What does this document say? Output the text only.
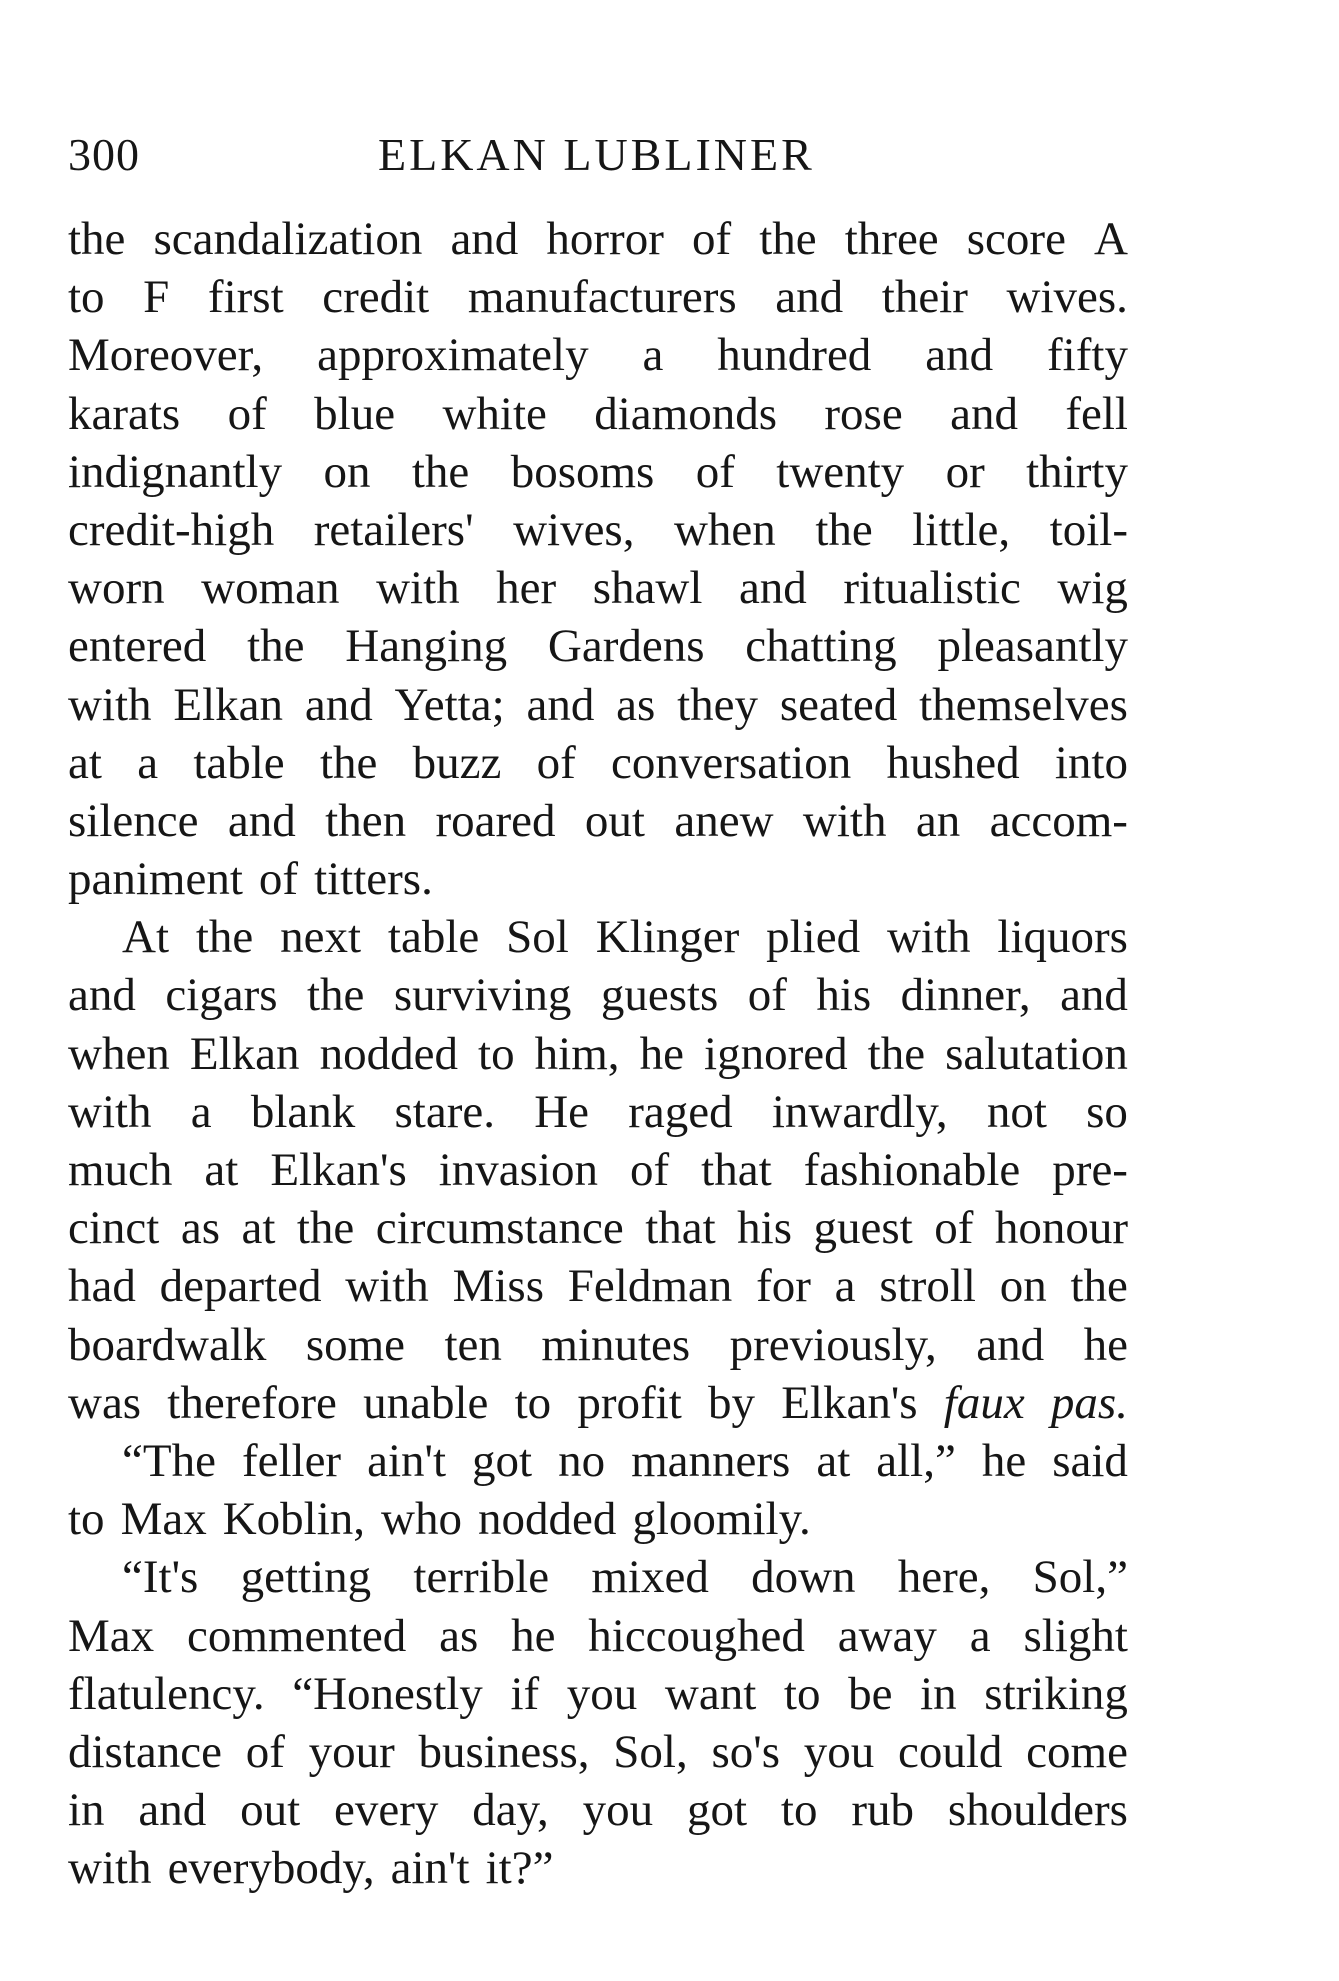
300	ELKAN LUBLINER
the scandalization and horror of the three score A
to F first credit manufacturers and their wives.
Moreover, approximately a hundred and fifty
karats of blue white diamonds rose and fell
indignantly on the bosoms of twenty or thirty
credit-high retailers' wives, when the little, toil-
worn woman with her shawl and ritualistic wig
entered the Hanging Gardens chatting pleasantly
with Elkan and Yetta; and as they seated themselves
at a table the buzz of conversation hushed into
silence and then roared out anew with an accom-
paniment of titters.
At the next table Sol Klinger plied with liquors
and cigars the surviving guests of his dinner, and
when Elkan nodded to him, he ignored the salutation
with a blank stare. He raged inwardly, not so
much at Elkan's invasion of that fashionable pre-
cinct as at the circumstance that his guest of honour
had departed with Miss Feldman for a stroll on the
boardwalk some ten minutes previously, and he
was therefore unable to profit by Elkan's faux pas.
“The feller ain't got no manners at all,” he said
to Max Koblin, who nodded gloomily.
“It's getting terrible mixed down here, Sol,”
Max commented as he hiccoughed away a slight
flatulency. “Honestly if you want to be in striking
distance of your business, Sol, so's you could come
in and out every day, you got to rub shoulders
with everybody, ain't it?”
